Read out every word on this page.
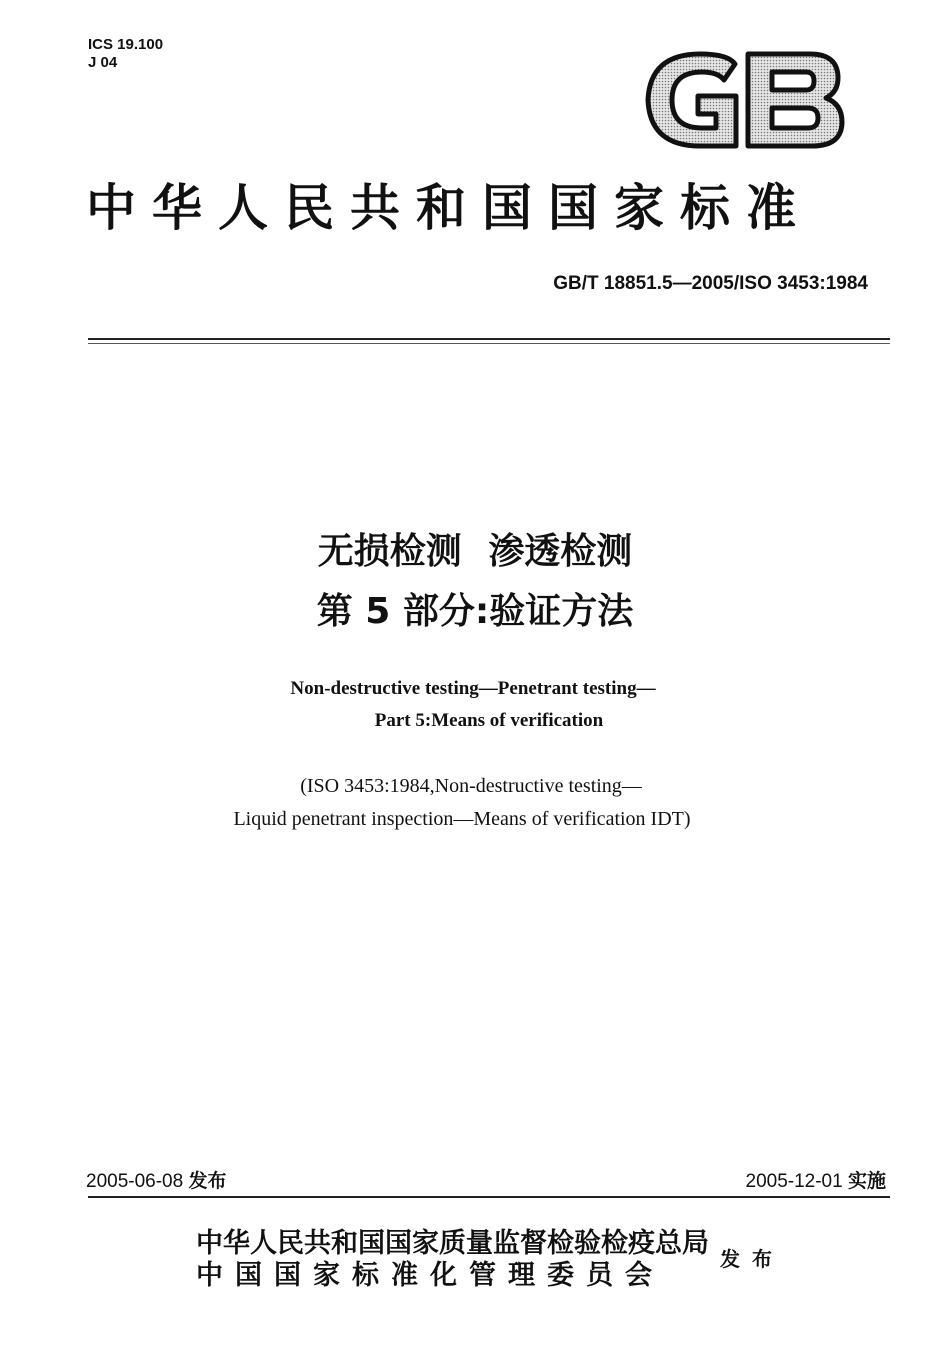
ICS 19.100
J 04
中华人民共和国国家标准
GB/T 18851.5—2005/ISO 3453:1984
无损检测 渗透检测
第 5 部分:验证方法
Non-destructive testing—Penetrant testing—
Part 5:Means of verification
(ISO 3453:1984,Non-destructive testing—
Liquid penetrant inspection—Means of verification IDT)
2005-06-08 发布	2005-12-01 实施
中华人民共和国国家质量监督检验检疫总局
中国国家标准化管理委员会
发布
